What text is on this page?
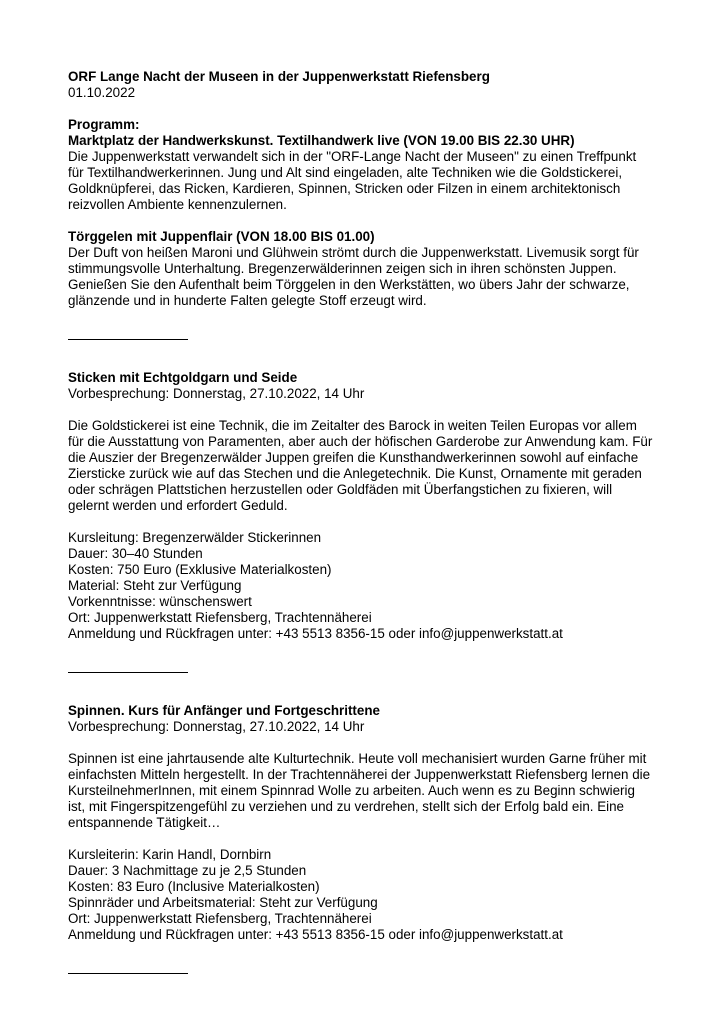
ORF Lange Nacht der Museen in der Juppenwerkstatt Riefensberg

01.10.2022

Programm:

Marktplatz der Handwerkskunst. Textilhandwerk live (VON 19.00 BIS 22.30 UHR)

Die Juppenwerkstatt verwandelt sich in der "ORF-Lange Nacht der Museen" zu einen Treffpunkt

für Textilhandwerkerinnen. Jung und Alt sind eingeladen, alte Techniken wie die Goldstickerei,

Goldknüpferei, das Ricken, Kardieren, Spinnen, Stricken oder Filzen in einem architektonisch

reizvollen Ambiente kennenzulernen.

Törggelen mit Juppenflair (VON 18.00 BIS 01.00)

Der Duft von heißen Maroni und Glühwein strömt durch die Juppenwerkstatt. Livemusik sorgt für

stimmungsvolle Unterhaltung. Bregenzerwälderinnen zeigen sich in ihren schönsten Juppen.

Genießen Sie den Aufenthalt beim Törggelen in den Werkstätten, wo übers Jahr der schwarze,

glänzende und in hunderte Falten gelegte Stoff erzeugt wird.

Sticken mit Echtgoldgarn und Seide

Vorbesprechung: Donnerstag, 27.10.2022, 14 Uhr

Die Goldstickerei ist eine Technik, die im Zeitalter des Barock in weiten Teilen Europas vor allem

für die Ausstattung von Paramenten, aber auch der höfischen Garderobe zur Anwendung kam. Für

die Auszier der Bregenzerwälder Juppen greifen die Kunsthandwerkerinnen sowohl auf einfache

Ziersticke zurück wie auf das Stechen und die Anlegetechnik. Die Kunst, Ornamente mit geraden

oder schrägen Plattstichen herzustellen oder Goldfäden mit Überfangstichen zu fixieren, will

gelernt werden und erfordert Geduld.

Kursleitung: Bregenzerwälder Stickerinnen

Dauer: 30–40 Stunden

Kosten: 750 Euro (Exklusive Materialkosten)

Material: Steht zur Verfügung

Vorkenntnisse: wünschenswert

Ort: Juppenwerkstatt Riefensberg, Trachtennäherei

Anmeldung und Rückfragen unter: +43 5513 8356-15 oder info@juppenwerkstatt.at

Spinnen. Kurs für Anfänger und Fortgeschrittene

Vorbesprechung: Donnerstag, 27.10.2022, 14 Uhr

Spinnen ist eine jahrtausende alte Kulturtechnik. Heute voll mechanisiert wurden Garne früher mit

einfachsten Mitteln hergestellt. In der Trachtennäherei der Juppenwerkstatt Riefensberg lernen die

KursteilnehmerInnen, mit einem Spinnrad Wolle zu arbeiten. Auch wenn es zu Beginn schwierig

ist, mit Fingerspitzengefühl zu verziehen und zu verdrehen, stellt sich der Erfolg bald ein. Eine

entspannende Tätigkeit…

Kursleiterin: Karin Handl, Dornbirn

Dauer: 3 Nachmittage zu je 2,5 Stunden

Kosten: 83 Euro (Inclusive Materialkosten)

Spinnräder und Arbeitsmaterial: Steht zur Verfügung

Ort: Juppenwerkstatt Riefensberg, Trachtennäherei

Anmeldung und Rückfragen unter: +43 5513 8356-15 oder info@juppenwerkstatt.at
